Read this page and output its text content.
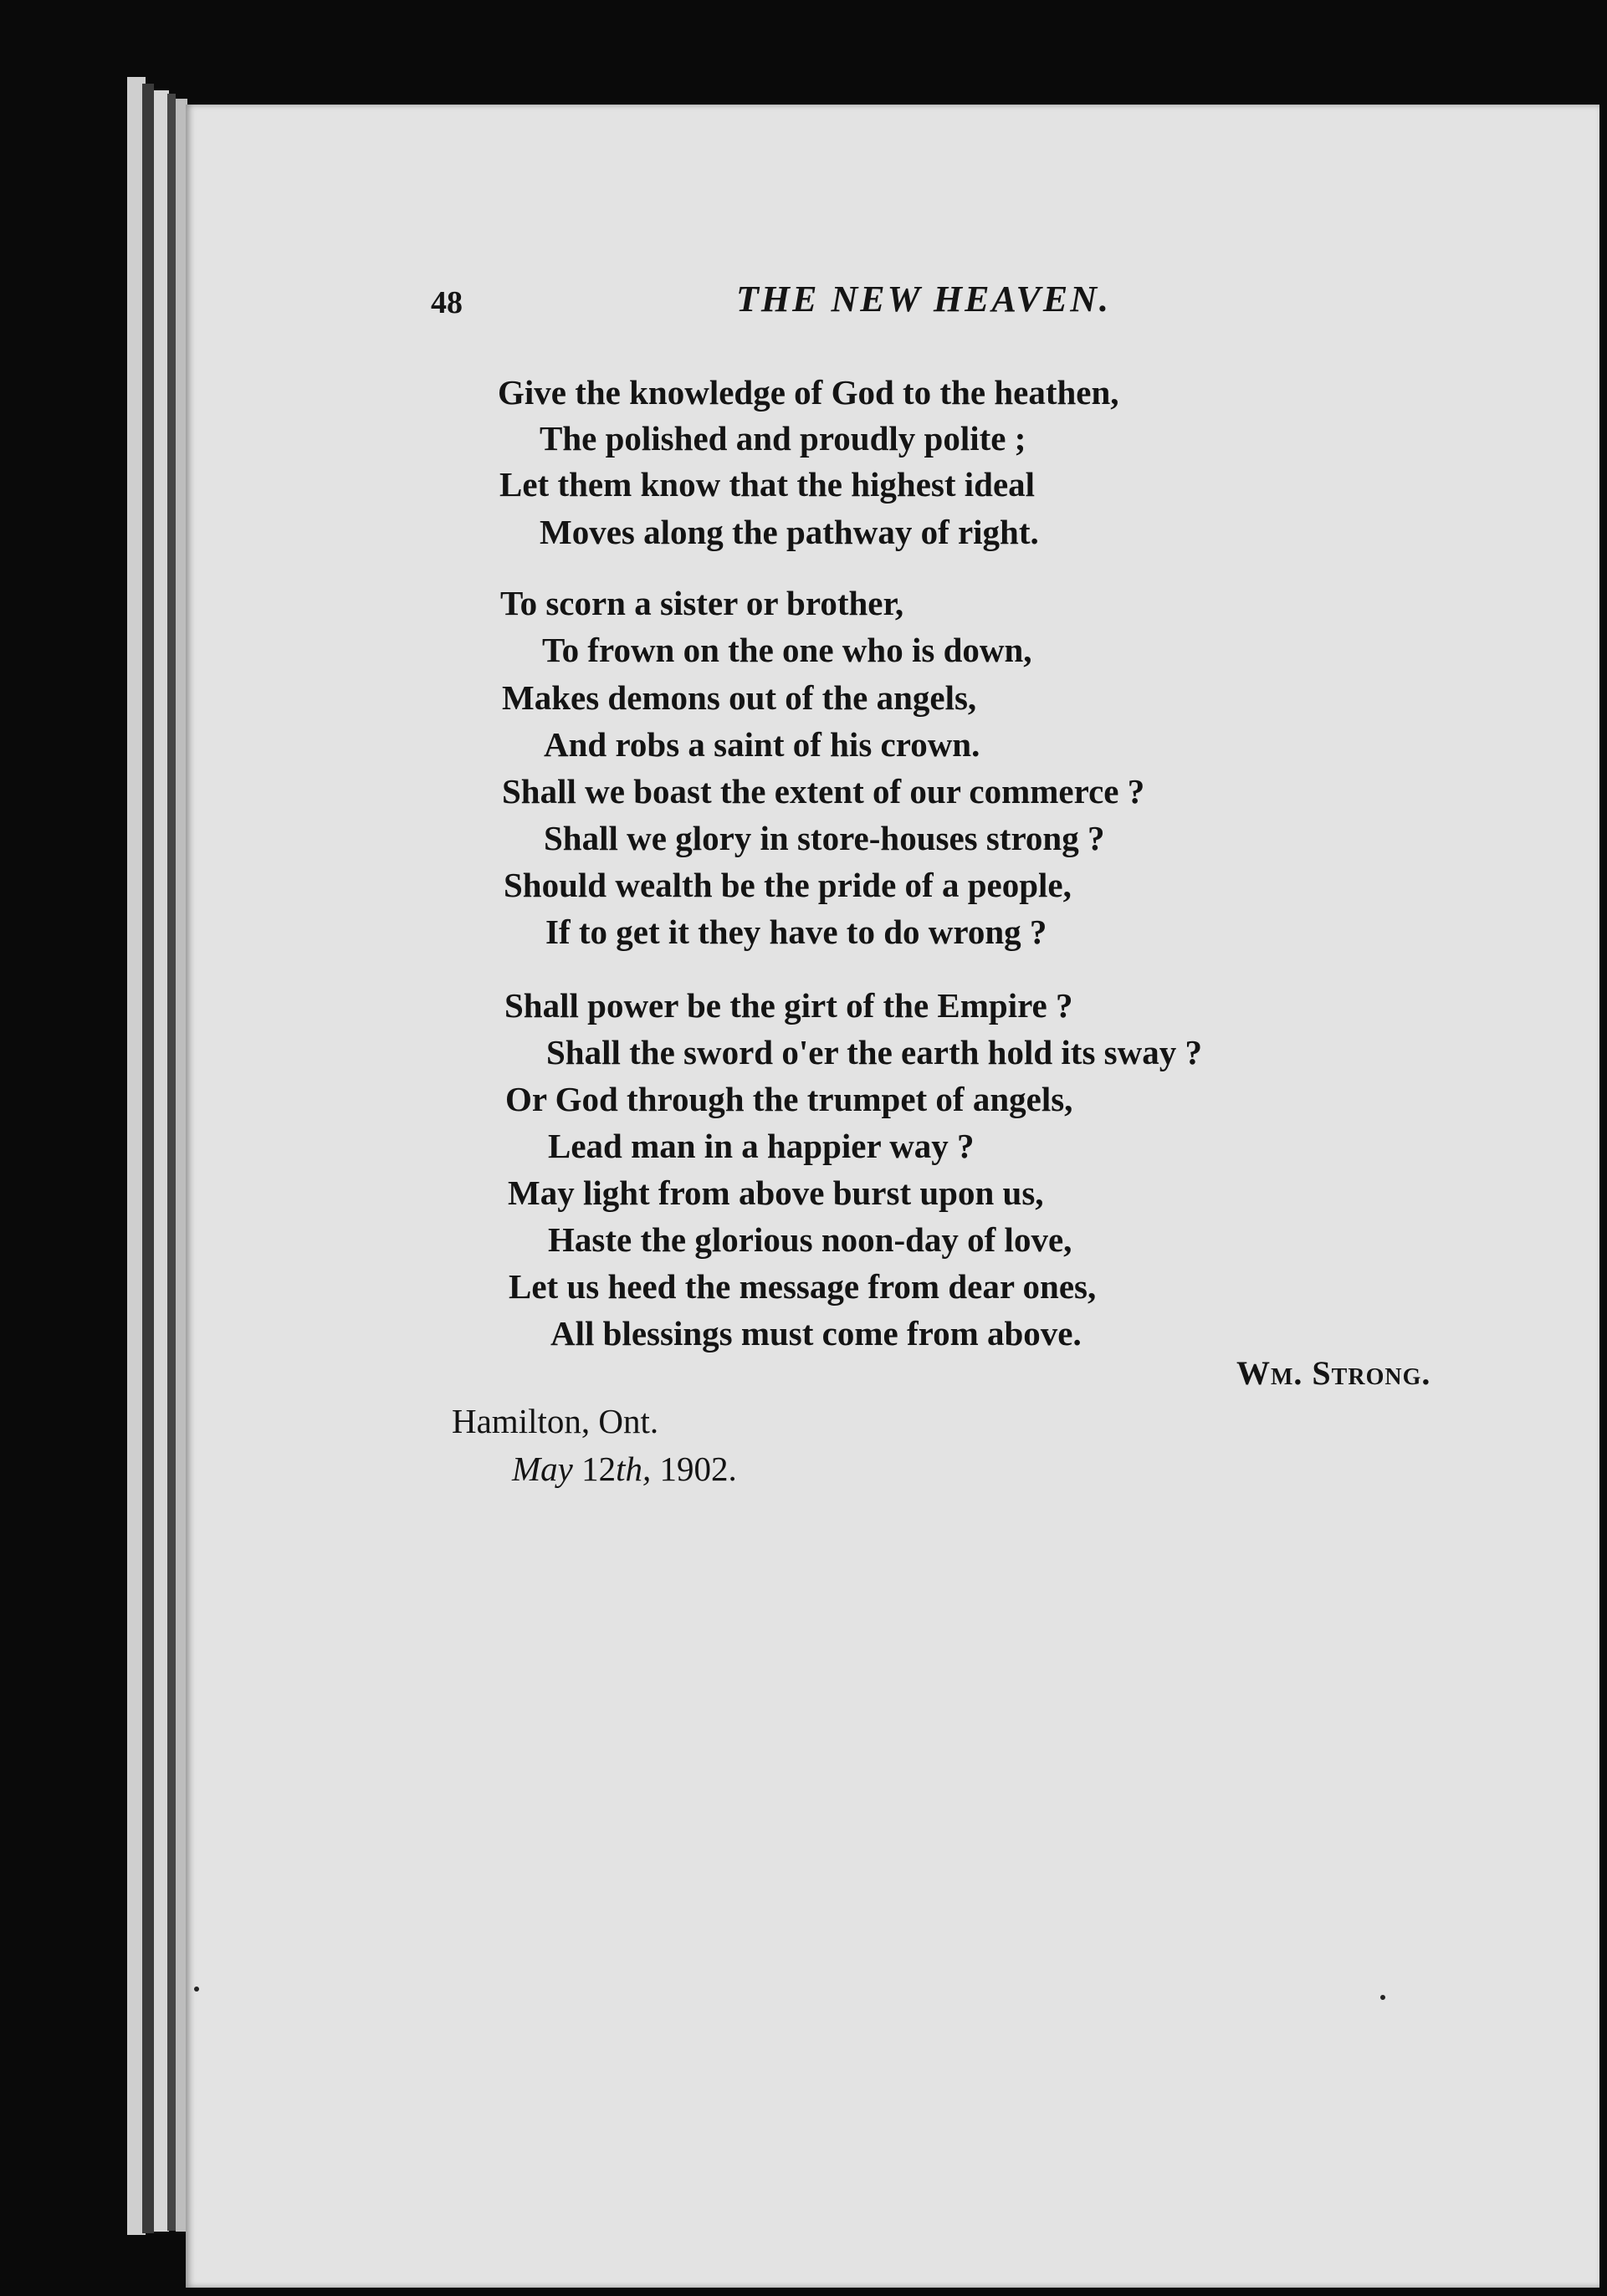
48	THE NEW HEAVEN.
Give the knowledge of God to the heathen,
The polished and proudly polite ;
Let them know that the highest ideal
Moves along the pathway of right.
To scorn a sister or brother,
To frown on the one who is down,
Makes demons out of the angels,
And robs a saint of his crown.
Shall we boast the extent of our commerce ?
Shall we glory in store-houses strong ?
Should wealth be the pride of a people,
If to get it they have to do wrong ?
Shall power be the girt of the Empire ?
Shall the sword o'er the earth hold its sway ?
Or God through the trumpet of angels,
Lead man in a happier way ?
May light from above burst upon us,
Haste the glorious noon-day of love,
Let us heed the message from dear ones,
All blessings must come from above.
Wm. Strong.
Hamilton, Ont.
May 12th, 1902.
